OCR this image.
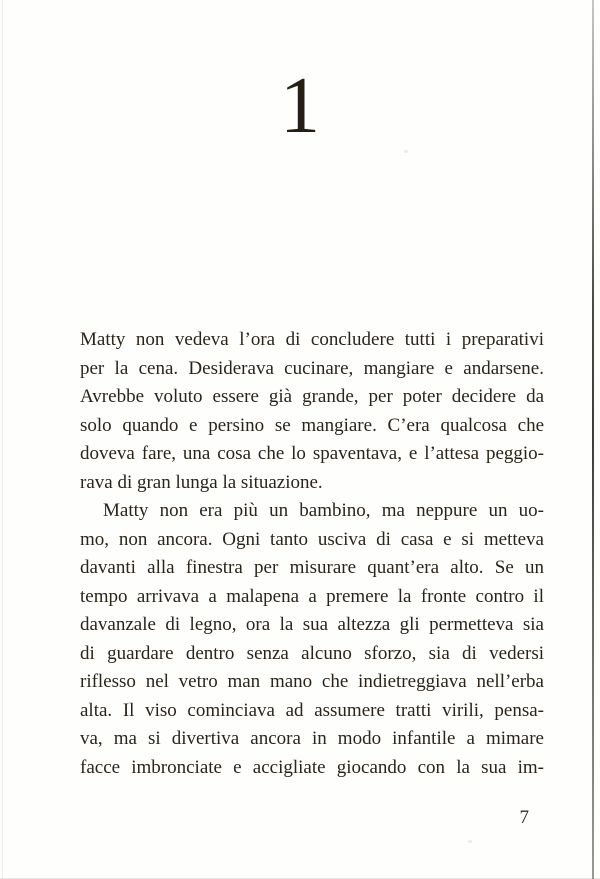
1
Matty non vedeva l’ora di concludere tutti i preparativi
per la cena. Desiderava cucinare, mangiare e andarsene.
Avrebbe voluto essere già grande, per poter decidere da
solo quando e persino se mangiare. C’era qualcosa che
doveva fare, una cosa che lo spaventava, e l’attesa peggio-
rava di gran lunga la situazione.
Matty non era più un bambino, ma neppure un uo-
mo, non ancora. Ogni tanto usciva di casa e si metteva
davanti alla finestra per misurare quant’era alto. Se un
tempo arrivava a malapena a premere la fronte contro il
davanzale di legno, ora la sua altezza gli permetteva sia
di guardare dentro senza alcuno sforzo, sia di vedersi
riflesso nel vetro man mano che indietreggiava nell’erba
alta. Il viso cominciava ad assumere tratti virili, pensa-
va, ma si divertiva ancora in modo infantile a mimare
facce imbronciate e accigliate giocando con la sua im-
7
